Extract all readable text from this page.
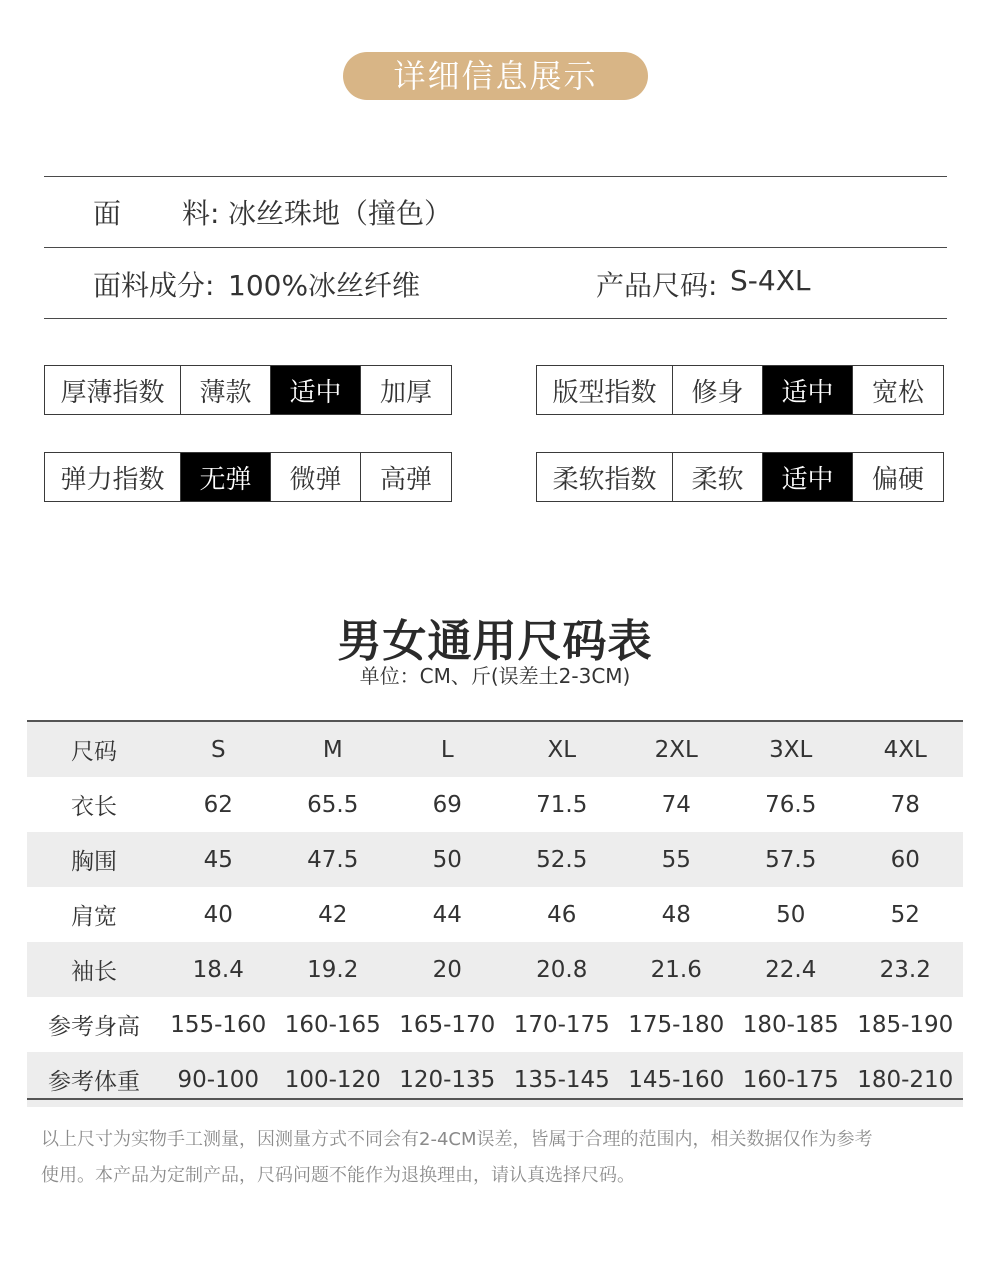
详细信息展示
面 料: 冰丝珠地（撞色）
面料成分: 100%冰丝纤维	产品尺码: S-4XL
厚薄指数	薄款	适中	加厚	版型指数	修身	适中	宽松
弹力指数	无弹	微弹	高弹	柔软指数	柔软	适中	偏硬
男女通用尺码表
单位：CM、斤(误差土2-3CM)
尺码	S	M	L	XL	2XL	3XL	4XL
衣长	62	65.5	69	71.5	74	76.5	78
胸围	45	47.5	50	52.5	55	57.5	60
肩宽	40	42	44	46	48	50	52
袖长	18.4	19.2	20	20.8	21.6	22.4	23.2
参考身高	155-160 160-165 165-170 170-175 175-180 180-185 185-190
参考体重	90-100	100-120 120-135 135-145 145-160 160-175 180-210
以上尺寸为实物手工测量，因测量方式不同会有2-4CM误差，皆属于合理的范围内，相关数据仅作为参考
使用。本产品为定制产品，尺码问题不能作为退换理由，请认真选择尺码。
